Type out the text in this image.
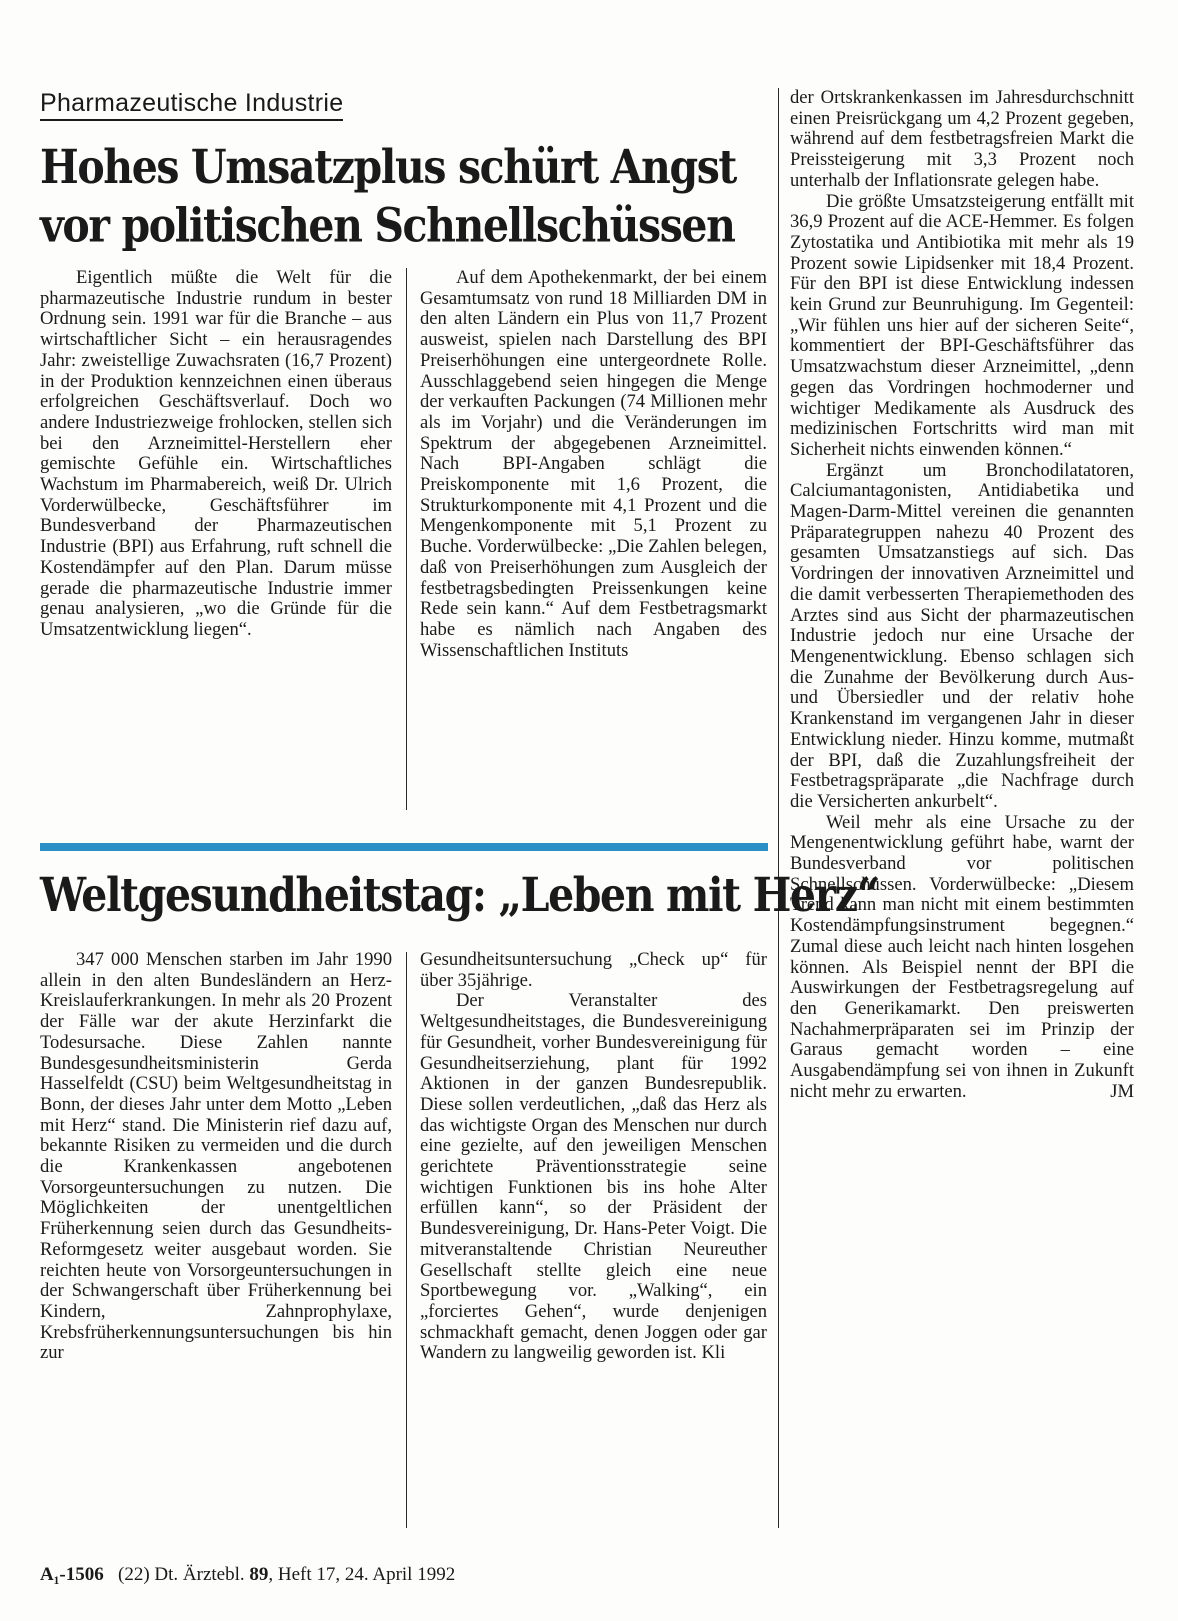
Pharmazeutische Industrie
Hohes Umsatzplus schürt Angst
vor politischen Schnellschüssen

Eigentlich müßte die Welt für die pharmazeutische Industrie rundum in bester Ordnung sein. 1991 war für die Branche – aus wirtschaftlicher Sicht – ein herausragendes Jahr: zweistellige Zuwachsraten (16,7 Prozent) in der Produktion kennzeichnen einen überaus erfolgreichen Geschäftsverlauf. Doch wo andere Industriezweige frohlocken, stellen sich bei den Arzneimittel-Herstellern eher gemischte Gefühle ein. Wirtschaftliches Wachstum im Pharmabereich, weiß Dr. Ulrich Vorderwülbecke, Geschäftsführer im Bundesverband der Pharmazeutischen Industrie (BPI) aus Erfahrung, ruft schnell die Kostendämpfer auf den Plan. Darum müsse gerade die pharmazeutische Industrie immer genau analysieren, „wo die Gründe für die Umsatzentwicklung liegen“.

Auf dem Apothekenmarkt, der bei einem Gesamtumsatz von rund 18 Milliarden DM in den alten Ländern ein Plus von 11,7 Prozent ausweist, spielen nach Darstellung des BPI Preiserhöhungen eine untergeordnete Rolle. Ausschlaggebend seien hingegen die Menge der verkauften Packungen (74 Millionen mehr als im Vorjahr) und die Veränderungen im Spektrum der abgegebenen Arzneimittel. Nach BPI-Angaben schlägt die Preiskomponente mit 1,6 Prozent, die Strukturkomponente mit 4,1 Prozent und die Mengenkomponente mit 5,1 Prozent zu Buche. Vorderwülbecke: „Die Zahlen belegen, daß von Preiserhöhungen zum Ausgleich der festbetragsbedingten Preissenkungen keine Rede sein kann.“ Auf dem Festbetragsmarkt habe es nämlich nach Angaben des Wissenschaftlichen Instituts

der Ortskrankenkassen im Jahresdurchschnitt einen Preisrückgang um 4,2 Prozent gegeben, während auf dem festbetragsfreien Markt die Preissteigerung mit 3,3 Prozent noch unterhalb der Inflationsrate gelegen habe.

Die größte Umsatzsteigerung entfällt mit 36,9 Prozent auf die ACE-Hemmer. Es folgen Zytostatika und Antibiotika mit mehr als 19 Prozent sowie Lipidsenker mit 18,4 Prozent. Für den BPI ist diese Entwicklung indessen kein Grund zur Beunruhigung. Im Gegenteil: „Wir fühlen uns hier auf der sicheren Seite“, kommentiert der BPI-Geschäftsführer das Umsatzwachstum dieser Arzneimittel, „denn gegen das Vordringen hochmoderner und wichtiger Medikamente als Ausdruck des medizinischen Fortschritts wird man mit Sicherheit nichts einwenden können.“

Ergänzt um Bronchodilatatoren, Calciumantagonisten, Antidiabetika und Magen-Darm-Mittel vereinen die genannten Präparategruppen nahezu 40 Prozent des gesamten Umsatzanstiegs auf sich. Das Vordringen der innovativen Arzneimittel und die damit verbesserten Therapiemethoden des Arztes sind aus Sicht der pharmazeutischen Industrie jedoch nur eine Ursache der Mengenentwicklung. Ebenso schlagen sich die Zunahme der Bevölkerung durch Aus- und Übersiedler und der relativ hohe Krankenstand im vergangenen Jahr in dieser Entwicklung nieder. Hinzu komme, mutmaßt der BPI, daß die Zuzahlungsfreiheit der Festbetragspräparate „die Nachfrage durch die Versicherten ankurbelt“.

Weil mehr als eine Ursache zu der Mengenentwicklung geführt habe, warnt der Bundesverband vor politischen Schnellschüssen. Vorderwülbecke: „Diesem Trend kann man nicht mit einem bestimmten Kostendämpfungsinstrument begegnen.“ Zumal diese auch leicht nach hinten losgehen können. Als Beispiel nennt der BPI die Auswirkungen der Festbetragsregelung auf den Generikamarkt. Den preiswerten Nachahmerpräparaten sei im Prinzip der Garaus gemacht worden – eine Ausgabendämpfung sei von ihnen in Zukunft nicht mehr zu erwarten.	JM

Weltgesundheitstag: „Leben mit Herz“

347 000 Menschen starben im Jahr 1990 allein in den alten Bundesländern an Herz-Kreislauferkrankungen. In mehr als 20 Prozent der Fälle war der akute Herzinfarkt die Todesursache. Diese Zahlen nannte Bundesgesundheitsministerin Gerda Hasselfeldt (CSU) beim Weltgesundheitstag in Bonn, der dieses Jahr unter dem Motto „Leben mit Herz“ stand. Die Ministerin rief dazu auf, bekannte Risiken zu vermeiden und die durch die Krankenkassen angebotenen Vorsorgeuntersuchungen zu nutzen. Die Möglichkeiten der unentgeltlichen Früherkennung seien durch das Gesundheits-Reformgesetz weiter ausgebaut worden. Sie reichten heute von Vorsorgeuntersuchungen in der Schwangerschaft über Früherkennung bei Kindern, Zahnprophylaxe, Krebsfrüherkennungsuntersuchungen bis hin zur

Gesundheitsuntersuchung „Check up“ für über 35jährige.

Der Veranstalter des Weltgesundheitstages, die Bundesvereinigung für Gesundheit, vorher Bundesvereinigung für Gesundheitserziehung, plant für 1992 Aktionen in der ganzen Bundesrepublik. Diese sollen verdeutlichen, „daß das Herz als das wichtigste Organ des Menschen nur durch eine gezielte, auf den jeweiligen Menschen gerichtete Präventionsstrategie seine wichtigen Funktionen bis ins hohe Alter erfüllen kann“, so der Präsident der Bundesvereinigung, Dr. Hans-Peter Voigt. Die mitveranstaltende Christian Neureuther Gesellschaft stellte gleich eine neue Sportbewegung vor. „Walking“, ein „forciertes Gehen“, wurde denjenigen schmackhaft gemacht, denen Joggen oder gar Wandern zu langweilig geworden ist. Kli

A₁-1506 (22) Dt. Ärztebl. 89, Heft 17, 24. April 1992
